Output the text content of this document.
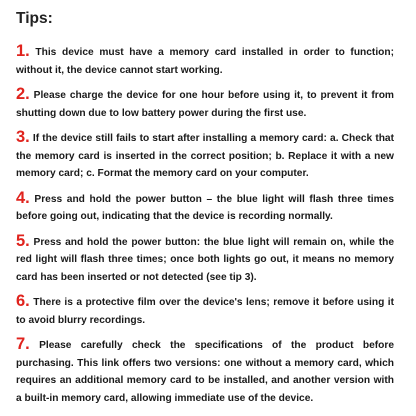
Tips:
1. This device must have a memory card installed in order to function; without it, the device cannot start working.
2. Please charge the device for one hour before using it, to prevent it from shutting down due to low battery power during the first use.
3. If the device still fails to start after installing a memory card: a. Check that the memory card is inserted in the correct position; b. Replace it with a new memory card; c. Format the memory card on your computer.
4. Press and hold the power button – the blue light will flash three times before going out, indicating that the device is recording normally.
5. Press and hold the power button: the blue light will remain on, while the red light will flash three times; once both lights go out, it means no memory card has been inserted or not detected (see tip 3).
6. There is a protective film over the device's lens; remove it before using it to avoid blurry recordings.
7. Please carefully check the specifications of the product before purchasing. This link offers two versions: one without a memory card, which requires an additional memory card to be installed, and another version with a built-in memory card, allowing immediate use of the device.
